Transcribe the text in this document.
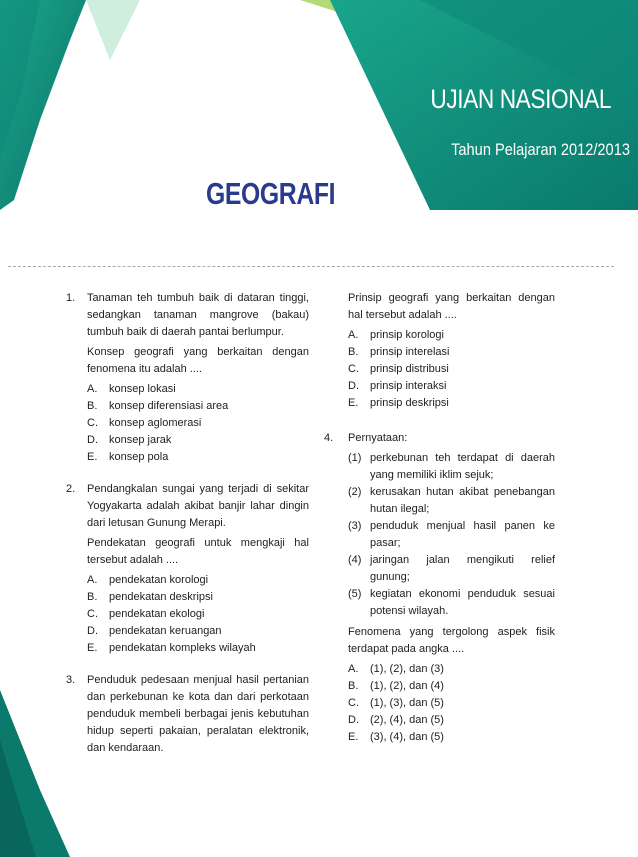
UJIAN NASIONAL
Tahun Pelajaran 2012/2013
GEOGRAFI
1. Tanaman teh tumbuh baik di dataran tinggi, sedangkan tanaman mangrove (bakau) tumbuh baik di daerah pantai berlumpur.

Konsep geografi yang berkaitan dengan fenomena itu adalah ....

A. konsep lokasi
B. konsep diferensiasi area
C. konsep aglomerasi
D. konsep jarak
E. konsep pola
2. Pendangkalan sungai yang terjadi di sekitar Yogyakarta adalah akibat banjir lahar dingin dari letusan Gunung Merapi.

Pendekatan geografi untuk mengkaji hal tersebut adalah ....

A. pendekatan korologi
B. pendekatan deskripsi
C. pendekatan ekologi
D. pendekatan keruangan
E. pendekatan kompleks wilayah
3. Penduduk pedesaan menjual hasil pertanian dan perkebunan ke kota dan dari perkotaan penduduk membeli berbagai jenis kebutuhan hidup seperti pakaian, peralatan elektronik, dan kendaraan.

Prinsip geografi yang berkaitan dengan hal tersebut adalah ....

A. prinsip korologi
B. prinsip interelasi
C. prinsip distribusi
D. prinsip interaksi
E. prinsip deskripsi
4. Pernyataan:

(1) perkebunan teh terdapat di daerah yang memiliki iklim sejuk;
(2) kerusakan hutan akibat penebangan hutan ilegal;
(3) penduduk menjual hasil panen ke pasar;
(4) jaringan jalan mengikuti relief gunung;
(5) kegiatan ekonomi penduduk sesuai potensi wilayah.

Fenomena yang tergolong aspek fisik terdapat pada angka ....

A. (1), (2), dan (3)
B. (1), (2), dan (4)
C. (1), (3), dan (5)
D. (2), (4), dan (5)
E. (3), (4), dan (5)
